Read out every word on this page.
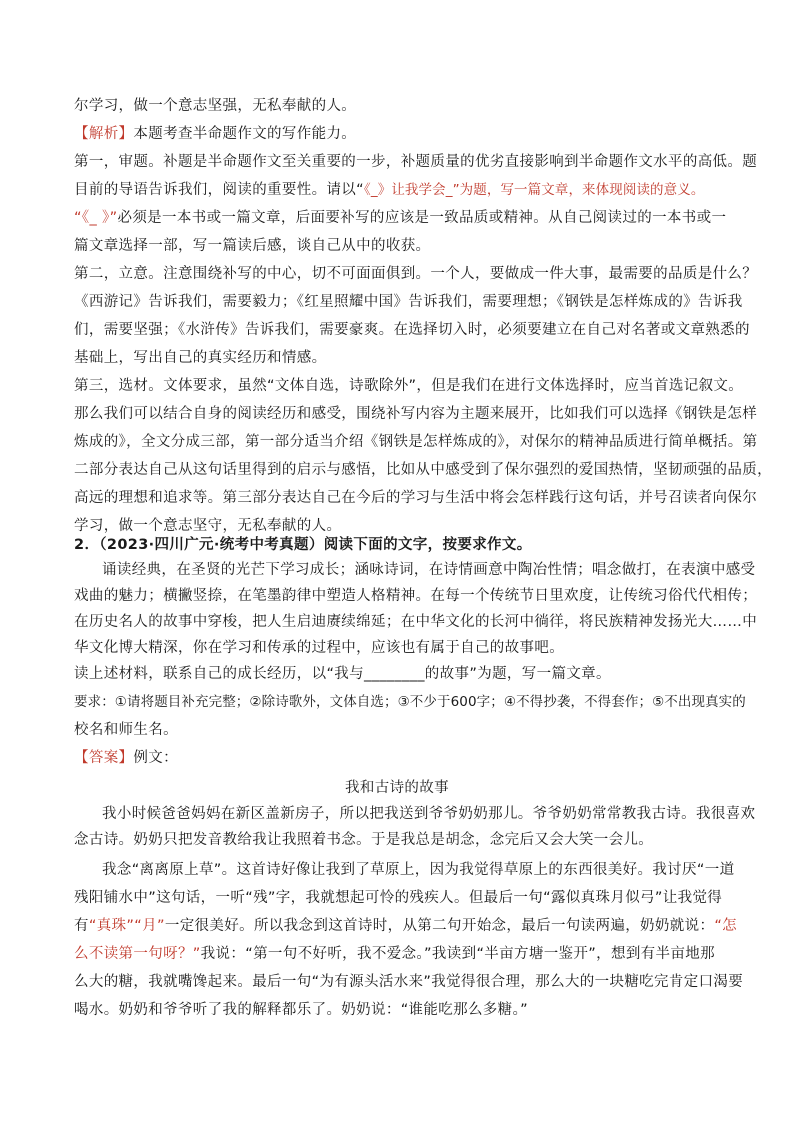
尔学习，做一个意志坚强，无私奉献的人。
【解析】本题考查半命题作文的写作能力。
第一，审题。补题是半命题作文至关重要的一步，补题质量的优劣直接影响到半命题作文水平的高低。题
目前的导语告诉我们，阅读的重要性。请以“《_》让我学会_”为题，写一篇文章，来体现阅读的意义。
“《_ 》”必须是一本书或一篇文章，后面要补写的应该是一致品质或精神。从自己阅读过的一本书或一
篇文章选择一部，写一篇读后感，谈自己从中的收获。
第二，立意。注意围绕补写的中心，切不可面面俱到。一个人，要做成一件大事，最需要的品质是什么？
《西游记》告诉我们，需要毅力；《红星照耀中国》告诉我们，需要理想；《钢铁是怎样炼成的》告诉我
们，需要坚强；《水浒传》告诉我们，需要豪爽。在选择切入时，必须要建立在自己对名著或文章熟悉的
基础上，写出自己的真实经历和情感。
第三，选材。文体要求，虽然“文体自选，诗歌除外”，但是我们在进行文体选择时，应当首选记叙文。
那么我们可以结合自身的阅读经历和感受，围绕补写内容为主题来展开，比如我们可以选择《钢铁是怎样
炼成的》，全文分成三部，第一部分适当介绍《钢铁是怎样炼成的》，对保尔的精神品质进行简单概括。第
二部分表达自己从这句话里得到的启示与感悟，比如从中感受到了保尔强烈的爱国热情，坚韧顽强的品质，
高远的理想和追求等。第三部分表达自己在今后的学习与生活中将会怎样践行这句话，并号召读者向保尔
学习，做一个意志坚守，无私奉献的人。
2．（2023·四川广元·统考中考真题）阅读下面的文字，按要求作文。
诵读经典，在圣贤的光芒下学习成长；涵咏诗词，在诗情画意中陶冶性情；唱念做打，在表演中感受
戏曲的魅力；横撇竖捺，在笔墨韵律中塑造人格精神。在每一个传统节日里欢度，让传统习俗代代相传；
在历史名人的故事中穿梭，把人生启迪赓续绵延；在中华文化的长河中徜徉，将民族精神发扬光大……中
华文化博大精深，你在学习和传承的过程中，应该也有属于自己的故事吧。
读上述材料，联系自己的成长经历，以“我与________的故事”为题，写一篇文章。
要求：①请将题目补充完整；②除诗歌外，文体自选；③不少于600字；④不得抄袭，不得套作；⑤不出现真实的
校名和师生名。
【答案】例文：
我和古诗的故事
我小时候爸爸妈妈在新区盖新房子，所以把我送到爷爷奶奶那儿。爷爷奶奶常常教我古诗。我很喜欢
念古诗。奶奶只把发音教给我让我照着书念。于是我总是胡念，念完后又会大笑一会儿。
我念“离离原上草”。这首诗好像让我到了草原上，因为我觉得草原上的东西很美好。我讨厌“一道
残阳铺水中”这句话，一听“残”字，我就想起可怜的残疾人。但最后一句“露似真珠月似弓”让我觉得
有“真珠”“月”一定很美好。所以我念到这首诗时，从第二句开始念，最后一句读两遍，奶奶就说：“怎
么不读第一句呀？”我说：“第一句不好听，我不爱念。”我读到“半亩方塘一鉴开”，想到有半亩地那
么大的糖，我就嘴馋起来。最后一句“为有源头活水来”我觉得很合理，那么大的一块糖吃完肯定口渴要
喝水。奶奶和爷爷听了我的解释都乐了。奶奶说：“谁能吃那么多糖。”
